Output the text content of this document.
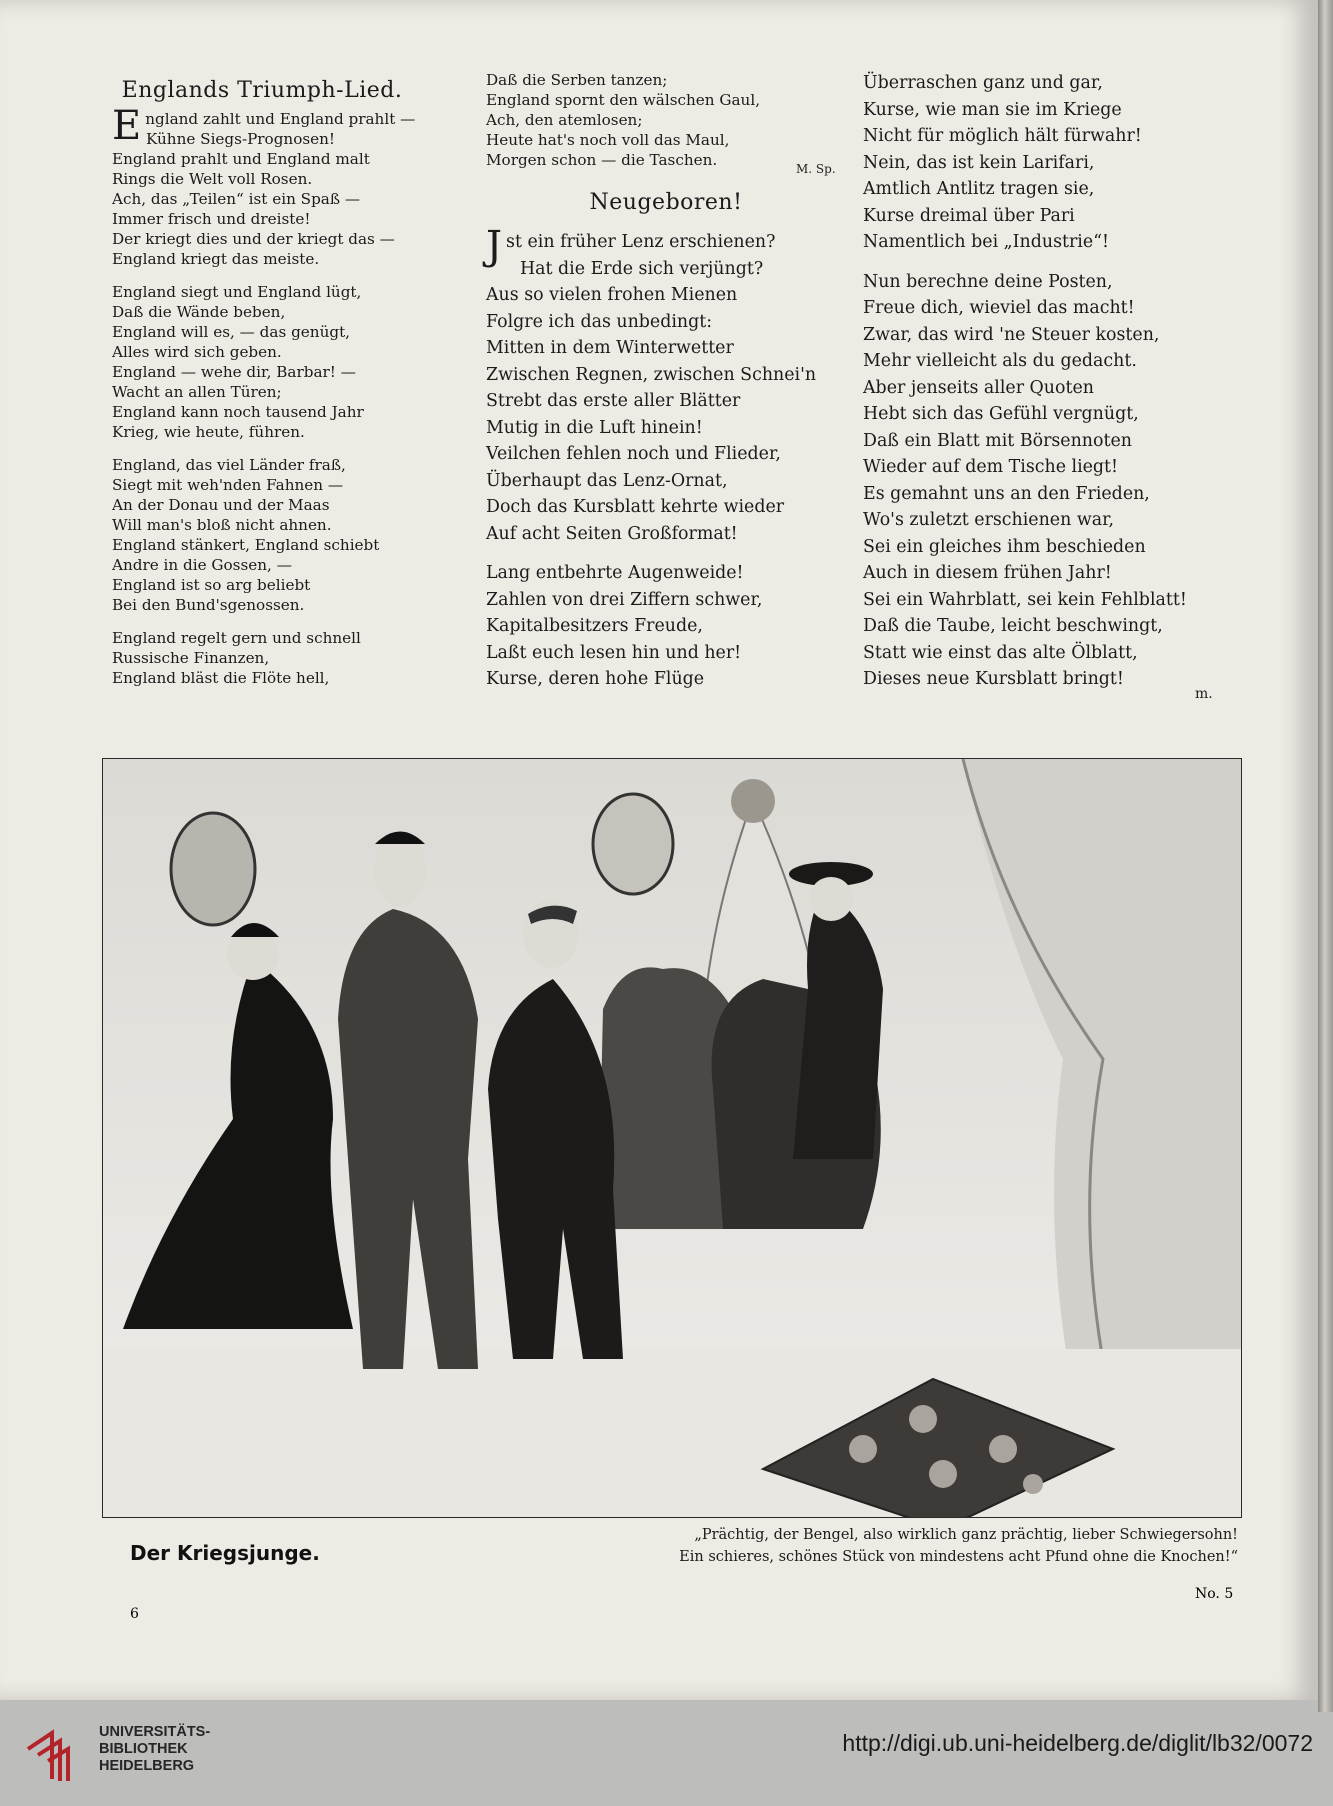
Englands Triumph-Lied.
England zahlt und England prahlt —
Kühne Siegs-Prognosen!
England prahlt und England malt
Rings die Welt voll Rosen.
Ach, das „Teilen“ ist ein Spaß —
Immer frisch und dreiste!
Der kriegt dies und der kriegt das —
England kriegt das meiste.
England siegt und England lügt,
Daß die Wände beben,
England will es, — das genügt,
Alles wird sich geben.
England — wehe dir, Barbar! —
Wacht an allen Türen;
England kann noch tausend Jahr
Krieg, wie heute, führen.
England, das viel Länder fraß,
Siegt mit weh'nden Fahnen —
An der Donau und der Maas
Will man's bloß nicht ahnen.
England stänkert, England schiebt
Andre in die Gossen, —
England ist so arg beliebt
Bei den Bund'sgenossen.
England regelt gern und schnell
Russische Finanzen,
England bläst die Flöte hell,
Daß die Serben tanzen;
England spornt den wälschen Gaul,
Ach, den atemlosen;
Heute hat's noch voll das Maul,
Morgen schon — die Taschen.	M. Sp.
Neugeboren!
Jst ein früher Lenz erschienen?
Hat die Erde sich verjüngt?
Aus so vielen frohen Mienen
Folgre ich das unbedingt:
Mitten in dem Winterwetter
Zwischen Regnen, zwischen Schnei'n
Strebt das erste aller Blätter
Mutig in die Luft hinein!
Veilchen fehlen noch und Flieder,
Überhaupt das Lenz-Ornat,
Doch das Kursblatt kehrte wieder
Auf acht Seiten Großformat!
Lang entbehrte Augenweide!
Zahlen von drei Ziffern schwer,
Kapitalbesitzers Freude,
Laßt euch lesen hin und her!
Kurse, deren hohe Flüge
Überraschen ganz und gar,
Kurse, wie man sie im Kriege
Nicht für möglich hält fürwahr!
Nein, das ist kein Larifari,
Amtlich Antlitz tragen sie,
Kurse dreimal über Pari
Namentlich bei „Industrie“!
Nun berechne deine Posten,
Freue dich, wieviel das macht!
Zwar, das wird 'ne Steuer kosten,
Mehr vielleicht als du gedacht.
Aber jenseits aller Quoten
Hebt sich das Gefühl vergnügt,
Daß ein Blatt mit Börsennoten
Wieder auf dem Tische liegt!
Es gemahnt uns an den Frieden,
Wo's zuletzt erschienen war,
Sei ein gleiches ihm beschieden
Auch in diesem frühen Jahr!
Sei ein Wahrblatt, sei kein Fehlblatt!
Daß die Taube, leicht beschwingt,
Statt wie einst das alte Ölblatt,
Dieses neue Kursblatt bringt!
m.
Der Kriegsjunge.
„Prächtig, der Bengel, also wirklich ganz prächtig, lieber Schwiegersohn!
Ein schieres, schönes Stück von mindestens acht Pfund ohne die Knochen!“
6
No. 5
UNIVERSITÄTS-
BIBLIOTHEK
HEIDELBERG
http://digi.ub.uni-heidelberg.de/diglit/lb32/0072
